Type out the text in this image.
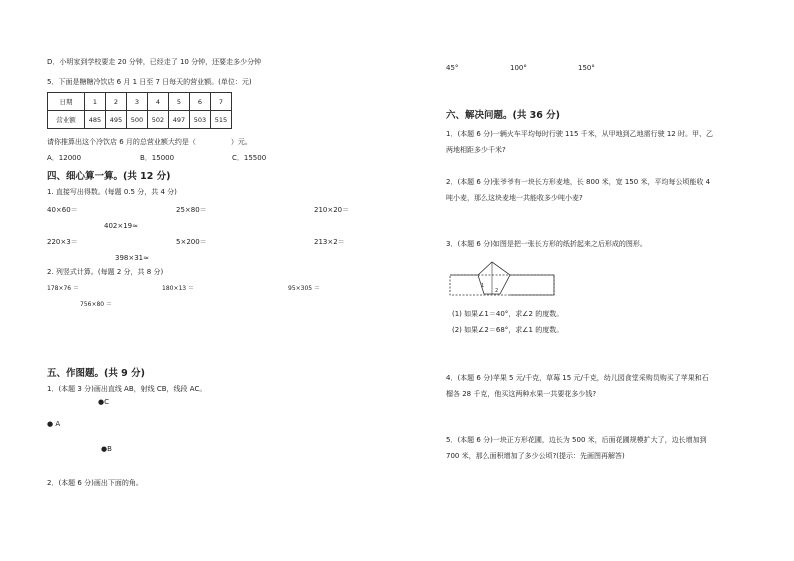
D．小明家到学校要走 20 分钟，已经走了 10 分钟，还要走多少分钟
5．下面是糖糖冷饮店 6 月 1 日至 7 日每天的营业额。(单位：元)
日期	1	2	3	4	5	6	7
营业额	485	495	500	502	497	503	515
请你推算出这个冷饮店 6 月的总营业额大约是（　　　　　）元。
A．12000	B．15000	C．15500
四、细心算一算。(共 12 分)
1. 直接写出得数。(每题 0.5 分，共 4 分)
40×60＝	25×80＝	210×20＝
402×19≈
220×3＝	5×200＝	213×2＝
398×31≈
2. 列竖式计算。(每题 2 分，共 8 分)
178×76 ＝	180×13 ＝	95×305 ＝
756×80 ＝
五、作图题。(共 9 分)
1．(本题 3 分)画出直线 AB，射线 CB，线段 AC。
●C
● A
●B
2．(本题 6 分)画出下面的角。
45°	100°	150°
六、解决问题。(共 36 分)
1．(本题 6 分)一辆火车平均每时行驶 115 千米，从甲地到乙地需行驶 12 时。甲、乙
两地相距多少千米?
2．(本题 6 分)张爷爷有一块长方形麦地，长 800 米，宽 150 米，平均每公顷能收 4
吨小麦，那么这块麦地一共能收多少吨小麦?
3．(本题 6 分)如图是把一张长方形的纸折起来之后形成的图形。
1
2
(1) 如果∠1＝40°，求∠2 的度数。
(2) 如果∠2＝68°，求∠1 的度数。
4．(本题 6 分)苹果 5 元/千克，草莓 15 元/千克，幼儿园食堂采购员购买了苹果和石
榴各 28 千克，他买这两种水果一共要花多少钱?
5．(本题 6 分)一块正方形花圃，边长为 500 米，后面花圃规模扩大了，边长增加到
700 米，那么面积增加了多少公顷?(提示：先画图再解答)
